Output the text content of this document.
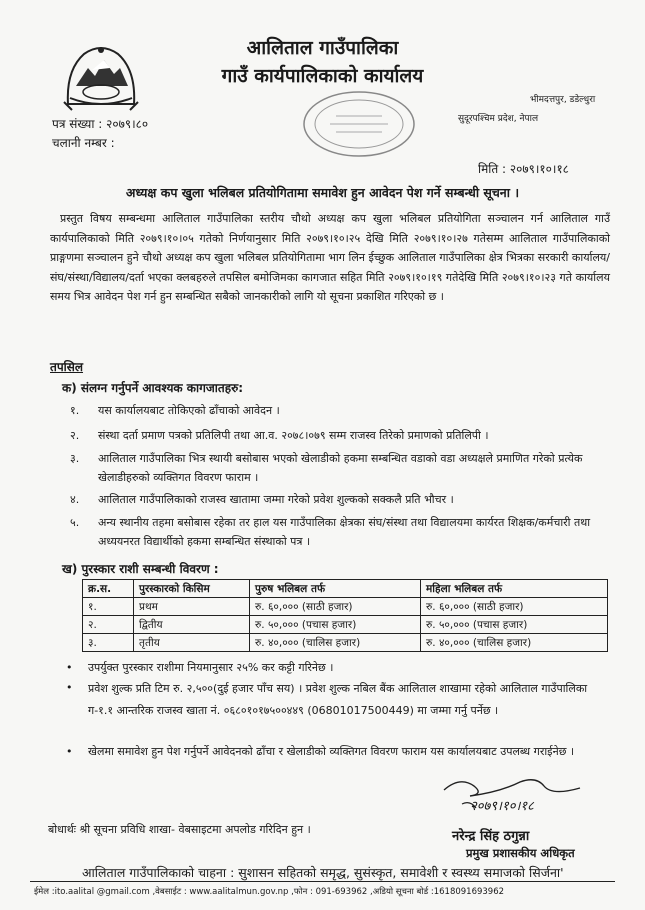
आलिताल गाउँपालिका
गाउँ कार्यपालिकाको कार्यालय
भीमदत्तपुर, डडेल्धुरा
सुदूरपश्चिम प्रदेश, नेपाल
पत्र संख्या : २०७९।८०
चलानी नम्बर :
मिति : २०७९।१०।१८
अध्यक्ष कप खुला भलिबल प्रतियोगितामा समावेश हुन आवेदन पेश गर्ने सम्बन्धी सूचना ।
प्रस्तुत विषय सम्बन्धमा आलिताल गाउँपालिका स्तरीय चौथो अध्यक्ष कप खुला भलिबल प्रतियोगिता सञ्चालन गर्न आलिताल गाउँ कार्यपालिकाको मिति २०७९।१०।०५ गतेको निर्णयानुसार मिति २०७९।१०।२५ देखि मिति २०७९।१०।२७ गतेसम्म आलिताल गाउँपालिकाको प्राङ्गणमा सञ्चालन हुने चौथो अध्यक्ष कप खुला भलिबल प्रतियोगितामा भाग लिन ईच्छुक आलिताल गाउँपालिका क्षेत्र भित्रका सरकारी कार्यालय/संघ/संस्था/विद्यालय/दर्ता भएका क्लबहरुले तपसिल बमोजिमका कागजात सहित मिति २०७९।१०।१९ गतेदेखि मिति २०७९।१०।२३ गते कार्यालय समय भित्र आवेदन पेश गर्न हुन सम्बन्धित सबैको जानकारीको लागि यो सूचना प्रकाशित गरिएको छ ।
तपसिल
क) संलग्न गर्नुपर्ने आवश्यक कागजातहरु:
१. यस कार्यालयबाट तोकिएको ढाँचाको आवेदन ।
२. संस्था दर्ता प्रमाण पत्रको प्रतिलिपी तथा आ.व. २०७८।०७९ सम्म राजस्व तिरेको प्रमाणको प्रतिलिपी ।
३. आलिताल गाउँपालिका भित्र स्थायी बसोबास भएको खेलाडीको हकमा सम्बन्धित वडाको वडा अध्यक्षले प्रमाणित गरेको प्रत्येक खेलाडीहरुको व्यक्तिगत विवरण फाराम ।
४. आलिताल गाउँपालिकाको राजस्व खातामा जम्मा गरेको प्रवेश शुल्कको सक्कलै प्रति भौचर ।
५. अन्य स्थानीय तहमा बसोबास रहेका तर हाल यस गाउँपालिका क्षेत्रका संघ/संस्था तथा विद्यालयमा कार्यरत शिक्षक/कर्मचारी तथा अध्ययनरत विद्यार्थीको हकमा सम्बन्धित संस्थाको पत्र ।
ख) पुरस्कार राशी सम्बन्धी विवरण :
क्र.स.	पुरस्कारको किसिम	पुरुष भलिबल तर्फ	महिला भलिबल तर्फ
१.	प्रथम	रु. ६०,००० (साठी हजार)	रु. ६०,००० (साठी हजार)
२.	द्वितीय	रु. ५०,००० (पचास हजार)	रु. ५०,००० (पचास हजार)
३.	तृतीय	रु. ४०,००० (चालिस हजार)	रु. ४०,००० (चालिस हजार)
• उपर्युक्त पुरस्कार राशीमा नियमानुसार २५% कर कट्टी गरिनेछ ।
• प्रवेश शुल्क प्रति टिम रु. २,५००(दुई हजार पाँच सय) । प्रवेश शुल्क नबिल बैंक आलिताल शाखामा रहेको आलिताल गाउँपालिका ग-१.१ आन्तरिक राजस्व खाता नं. ०६८०१०१७५००४४९ (06801017500449) मा जम्मा गर्नु पर्नेछ ।
• खेलमा समावेश हुन पेश गर्नुपर्ने आवेदनको ढाँचा र खेलाडीको व्यक्तिगत विवरण फाराम यस कार्यालयबाट उपलब्ध गराईनेछ ।
२०७९।१०।१८
बोधार्थः श्री सूचना प्रविधि शाखा- वेबसाइटमा अपलोड गरिदिन हुन ।	नरेन्द्र सिंह ठगुन्ना
प्रमुख प्रशासकीय अधिकृत
आलिताल गाउँपालिकाको चाहना : सुशासन सहितको समृद्ध, सुसंस्कृत, समावेशी र स्वस्थ्य समाजको सिर्जना'
ईमेल :ito.aalital @gmail.com ,वेबसाईट : www.aalitalmun.gov.np ,फोन : 091-693962 ,अडियो सूचना बोर्ड :1618091693962
